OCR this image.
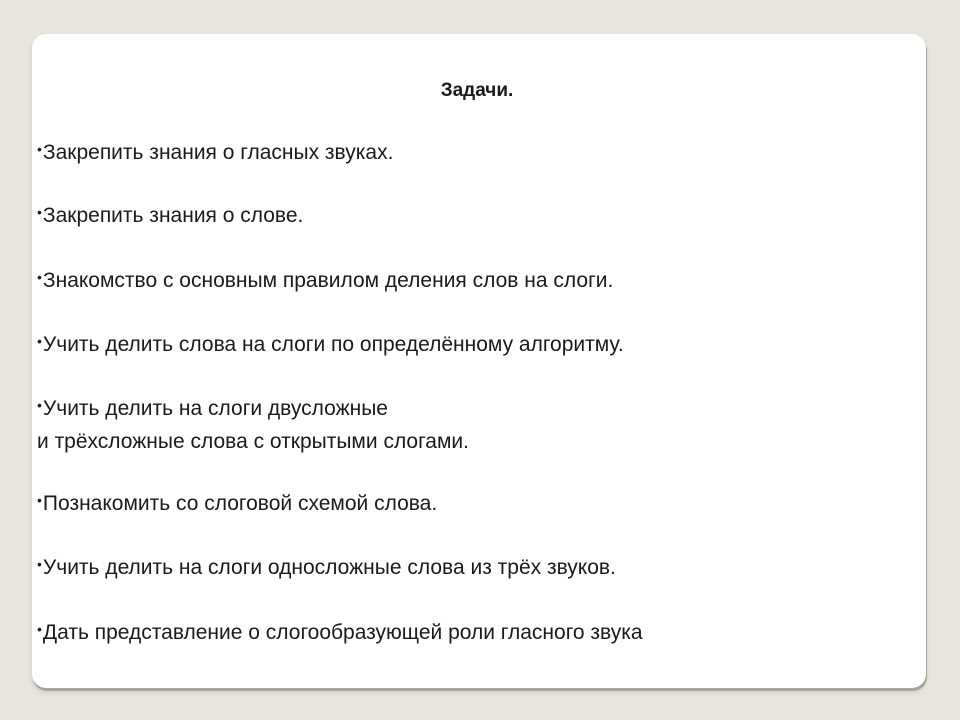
Задачи.
•Закрепить знания о гласных звуках.
•Закрепить знания о слове.
•Знакомство с основным правилом деления слов на слоги.
•Учить делить слова на слоги по определённому алгоритму.
•Учить делить на слоги двусложные
и трёхсложные слова с открытыми слогами.
•Познакомить со слоговой схемой слова.
•Учить делить на слоги односложные слова из трёх звуков.
•Дать представление о слогообразующей роли гласного звука
